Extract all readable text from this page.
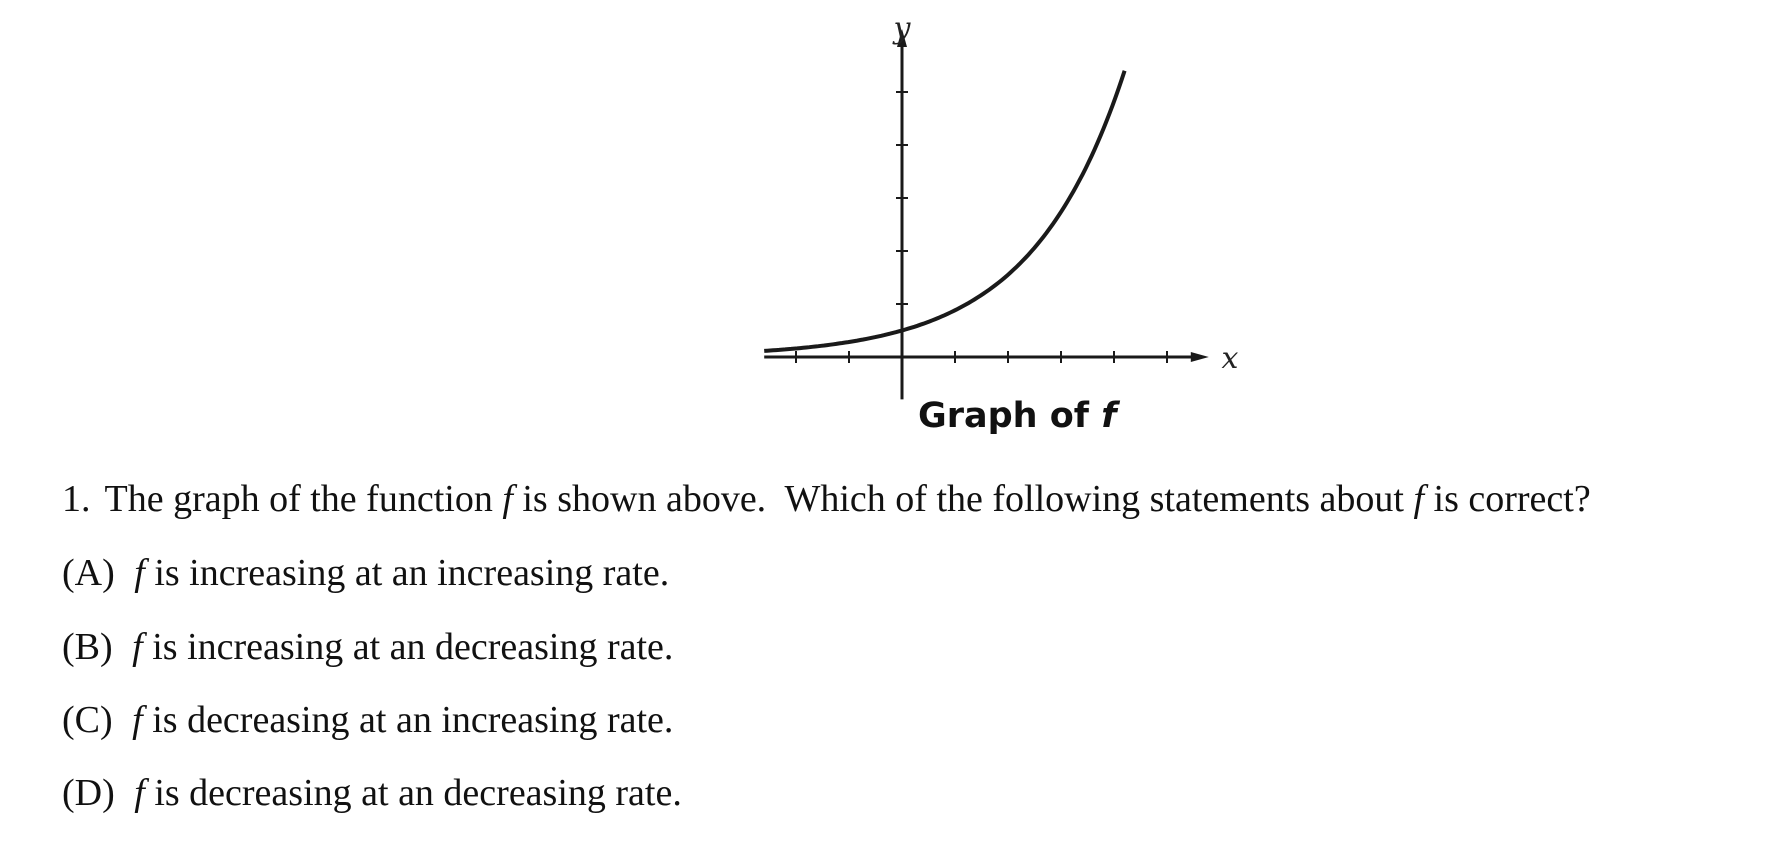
y
x
Graph of f
1. The graph of the function f is shown above.  Which of the following statements about f is correct?
(A) f is increasing at an increasing rate.
(B) f is increasing at an decreasing rate.
(C) f is decreasing at an increasing rate.
(D) f is decreasing at an decreasing rate.
